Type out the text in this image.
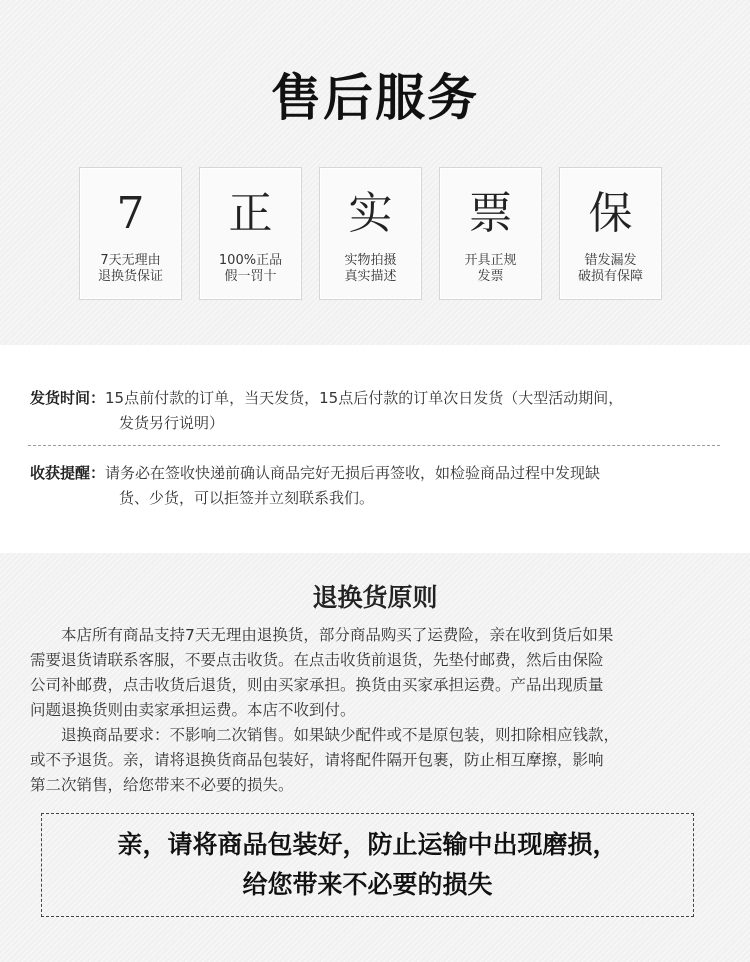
售后服务
7
7天无理由
退换货保证
正
100%正品
假一罚十
实
实物拍摄
真实描述
票
开具正规
发票
保
错发漏发
破损有保障
发货时间：15点前付款的订单，当天发货，15点后付款的订单次日发货（大型活动期间，
发货另行说明）
收获提醒：请务必在签收快递前确认商品完好无损后再签收，如检验商品过程中发现缺
货、少货，可以拒签并立刻联系我们。
退换货原则
　　本店所有商品支持7天无理由退换货，部分商品购买了运费险，亲在收到货后如果
需要退货请联系客服，不要点击收货。在点击收货前退货，先垫付邮费，然后由保险
公司补邮费，点击收货后退货，则由买家承担。换货由买家承担运费。产品出现质量
问题退换货则由卖家承担运费。本店不收到付。
　　退换商品要求：不影响二次销售。如果缺少配件或不是原包装，则扣除相应钱款，
或不予退货。亲，请将退换货商品包装好，请将配件隔开包裹，防止相互摩擦，影响
第二次销售，给您带来不必要的损失。
亲，请将商品包装好，防止运输中出现磨损，
给您带来不必要的损失
